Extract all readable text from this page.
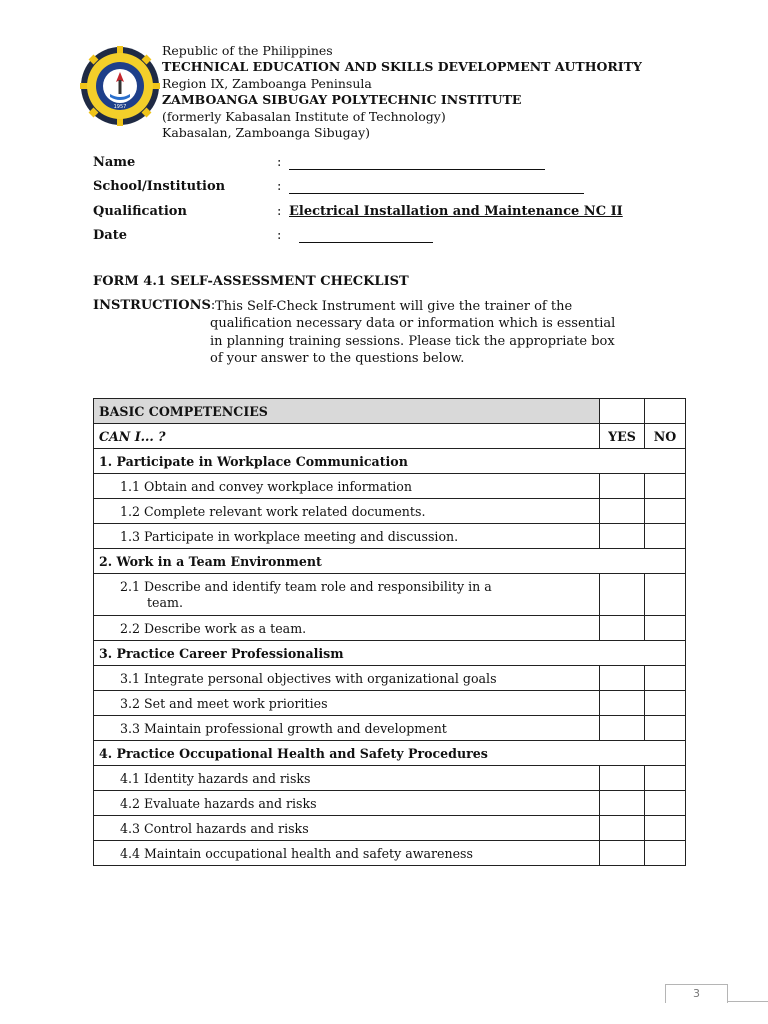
1957
Republic of the Philippines
TECHNICAL EDUCATION AND SKILLS DEVELOPMENT AUTHORITY
Region IX, Zamboanga Peninsula
ZAMBOANGA SIBUGAY POLYTECHNIC INSTITUTE
(formerly Kabasalan Institute of Technology)
Kabasalan, Zamboanga Sibugay)
Name	:
School/Institution	:
Qualification	: Electrical Installation and Maintenance NC II
Date	:
FORM 4.1 SELF-ASSESSMENT CHECKLIST
INSTRUCTIONS: This Self-Check Instrument will give the trainer of the
qualification necessary data or information which is essential
in planning training sessions. Please tick the appropriate box
of your answer to the questions below.
BASIC COMPETENCIES		
CAN I... ?	YES	NO
1. Participate in Workplace Communication		
1.1 Obtain and convey workplace information		
1.2 Complete relevant work related documents.		
1.3 Participate in workplace meeting and discussion.		
2. Work in a Team Environment		

2.1 Describe and identify team role and responsibility in a
team.		

2.2 Describe work as a team.		
3. Practice Career Professionalism		
3.1 Integrate personal objectives with organizational goals		
3.2 Set and meet work priorities		
3.3 Maintain professional growth and development		
4. Practice Occupational Health and Safety Procedures		
4.1 Identity hazards and risks		
4.2 Evaluate hazards and risks		
4.3 Control hazards and risks		
4.4 Maintain occupational health and safety awareness		
3
